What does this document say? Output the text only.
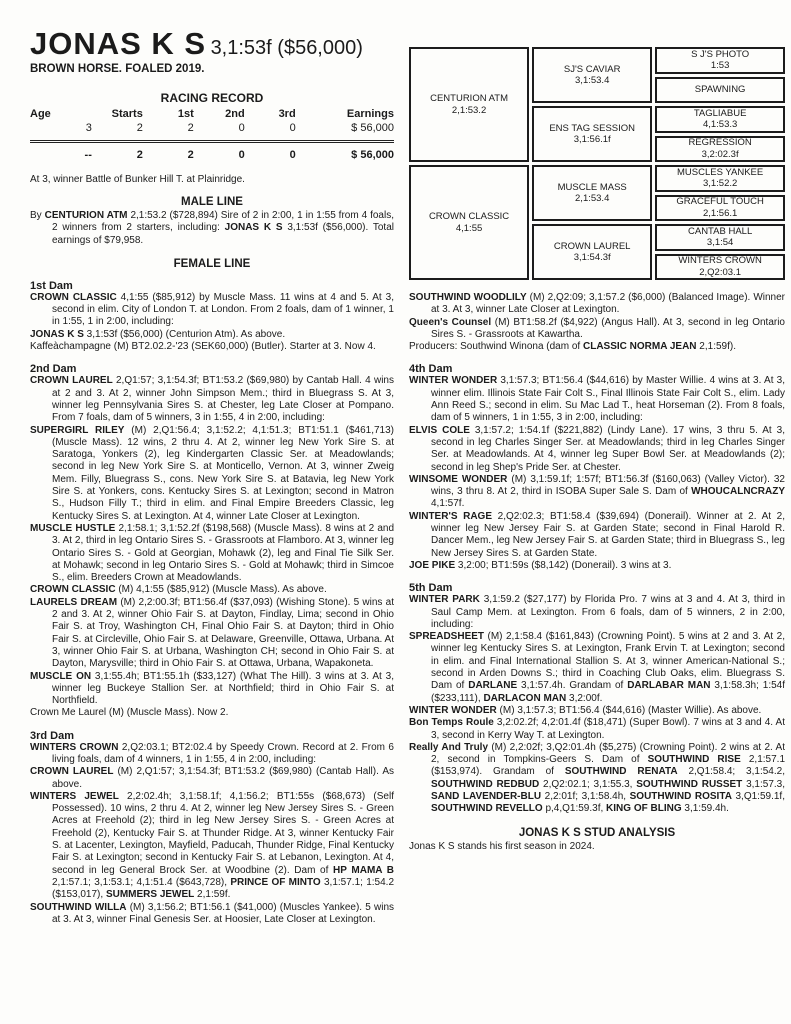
JONAS K S 3,1:53f ($56,000)
BROWN HORSE. FOALED 2019.
RACING RECORD
Age	Starts	1st	2nd	3rd	Earnings
3	2	2	0	0	$ 56,000
--	2	2	0	0	$ 56,000
At 3, winner Battle of Bunker Hill T. at Plainridge.
MALE LINE

By CENTURION ATM 2,1:53.2 ($728,894) Sire of 2 in 2:00, 1 in 1:55 from 4 foals, 2 winners from 2 starters, including: JONAS K S 3,1:53f ($56,000). Total earnings of $79,958.

FEMALE LINE
1st Dam

CROWN CLASSIC 4,1:55 ($85,912) by Muscle Mass. 11 wins at 4 and 5. At 3, second in elim. City of London T. at London. From 2 foals, dam of 1 winner, 1 in 1:55, 1 in 2:00, including:

JONAS K S 3,1:53f ($56,000) (Centurion Atm). As above.

Kaffeàchampagne (M) BT2.02.2-'23 (SEK60,000) (Butler). Starter at 3. Now 4.

2nd Dam

CROWN LAUREL 2,Q1:57; 3,1:54.3f; BT1:53.2 ($69,980) by Cantab Hall. 4 wins at 2 and 3. At 2, winner John Simpson Mem.; third in Bluegrass S. At 3, winner leg Pennsylvania Sires S. at Chester, leg Late Closer at Pompano. From 7 foals, dam of 5 winners, 3 in 1:55, 4 in 2:00, including:

SUPERGIRL RILEY (M) 2,Q1:56.4; 3,1:52.2; 4,1:51.3; BT1:51.1 ($461,713) (Muscle Mass). 12 wins, 2 thru 4. At 2, winner leg New York Sire S. at Saratoga, Yonkers (2), leg Kindergarten Classic Ser. at Meadowlands; second in leg New York Sire S. at Monticello, Vernon. At 3, winner Zweig Mem. Filly, Bluegrass S., cons. New York Sire S. at Batavia, leg New York Sire S. at Yonkers, cons. Kentucky Sires S. at Lexington; second in Matron S., Hudson Filly T.; third in elim. and Final Empire Breeders Classic, leg Kentucky Sires S. at Lexington. At 4, winner Late Closer at Lexington.

MUSCLE HUSTLE 2,1:58.1; 3,1:52.2f ($198,568) (Muscle Mass). 8 wins at 2 and 3. At 2, third in leg Ontario Sires S. - Grassroots at Flamboro. At 3, winner leg Ontario Sires S. - Gold at Georgian, Mohawk (2), leg and Final Tie Silk Ser. at Mohawk; second in leg Ontario Sires S. - Gold at Mohawk; third in Simcoe S., elim. Breeders Crown at Meadowlands.

CROWN CLASSIC (M) 4,1:55 ($85,912) (Muscle Mass). As above.

LAURELS DREAM (M) 2,2:00.3f; BT1:56.4f ($37,093) (Wishing Stone). 5 wins at 2 and 3. At 2, winner Ohio Fair S. at Dayton, Findlay, Lima; second in Ohio Fair S. at Troy, Washington CH, Final Ohio Fair S. at Dayton; third in Ohio Fair S. at Circleville, Ohio Fair S. at Delaware, Greenville, Ottawa, Urbana. At 3, winner Ohio Fair S. at Urbana, Washington CH; second in Ohio Fair S. at Dayton, Marysville; third in Ohio Fair S. at Ottawa, Urbana, Wapakoneta.

MUSCLE ON 3,1:55.4h; BT1:55.1h ($33,127) (What The Hill). 3 wins at 3. At 3, winner leg Buckeye Stallion Ser. at Northfield; third in Ohio Fair S. at Northfield.

Crown Me Laurel (M) (Muscle Mass). Now 2.

3rd Dam

WINTERS CROWN 2,Q2:03.1; BT2:02.4 by Speedy Crown. Record at 2. From 6 living foals, dam of 4 winners, 1 in 1:55, 4 in 2:00, including:

CROWN LAUREL (M) 2,Q1:57; 3,1:54.3f; BT1:53.2 ($69,980) (Cantab Hall). As above.

WINTERS JEWEL 2,2:02.4h; 3,1:58.1f; 4,1:56.2; BT1:55s ($68,673) (Self Possessed). 10 wins, 2 thru 4. At 2, winner leg New Jersey Sires S. - Green Acres at Freehold (2); third in leg New Jersey Sires S. - Green Acres at Freehold (2), Kentucky Fair S. at Thunder Ridge. At 3, winner Kentucky Fair S. at Lacenter, Lexington, Mayfield, Paducah, Thunder Ridge, Final Kentucky Fair S. at Lexington; second in Kentucky Fair S. at Lebanon, Lexington. At 4, second in leg General Brock Ser. at Woodbine (2). Dam of HP MAMA B 2,1:57.1; 3,1:53.1; 4,1:51.4 ($643,728), PRINCE OF MINTO 3,1:57.1; 1:54.2 ($153,017), SUMMERS JEWEL 2,1:59f.

SOUTHWIND WILLA (M) 3,1:56.2; BT1:56.1 ($41,000) (Muscles Yankee). 5 wins at 3. At 3, winner Final Genesis Ser. at Hoosier, Late Closer at Lexington.

CENTURION ATM
2,1:53.2
CROWN CLASSIC
4,1:55
SJ'S CAVIAR
3,1:53.4
ENS TAG SESSION
3,1:56.1f
MUSCLE MASS
2,1:53.4
CROWN LAUREL
3,1:54.3f
S J'S PHOTO
1:53
SPAWNING
TAGLIABUE
4,1:53.3
REGRESSION
3,2:02.3f
MUSCLES YANKEE
3,1:52.2
GRACEFUL TOUCH
2,1:56.1
CANTAB HALL
3,1:54
WINTERS CROWN
2,Q2:03.1

SOUTHWIND WOODLILY (M) 2,Q2:09; 3,1:57.2 ($6,000) (Balanced Image). Winner at 3. At 3, winner Late Closer at Lexington.

Queen's Counsel (M) BT1:58.2f ($4,922) (Angus Hall). At 3, second in leg Ontario Sires S. - Grassroots at Kawartha.

Producers: Southwind Winona (dam of CLASSIC NORMA JEAN 2,1:59f).

4th Dam

WINTER WONDER 3,1:57.3; BT1:56.4 ($44,616) by Master Willie. 4 wins at 3. At 3, winner elim. Illinois State Fair Colt S., Final Illinois State Fair Colt S., elim. Lady Ann Reed S.; second in elim. Su Mac Lad T., heat Horseman (2). From 8 foals, dam of 5 winners, 1 in 1:55, 3 in 2:00, including:

ELVIS COLE 3,1:57.2; 1:54.1f ($221,882) (Lindy Lane). 17 wins, 3 thru 5. At 3, second in leg Charles Singer Ser. at Meadowlands; third in leg Charles Singer Ser. at Meadowlands. At 4, winner leg Super Bowl Ser. at Meadowlands (2); second in leg Shep's Pride Ser. at Chester.

WINSOME WONDER (M) 3,1:59.1f; 1:57f; BT1:56.3f ($160,063) (Valley Victor). 32 wins, 3 thru 8. At 2, third in ISOBA Super Sale S. Dam of WHOUCALNCRAZY 4,1:57f.

WINTER'S RAGE 2,Q2:02.3; BT1:58.4 ($39,694) (Donerail). Winner at 2. At 2, winner leg New Jersey Fair S. at Garden State; second in Final Harold R. Dancer Mem., leg New Jersey Fair S. at Garden State; third in Bluegrass S., leg New Jersey Sires S. at Garden State.

JOE PIKE 3,2:00; BT1:59s ($8,142) (Donerail). 3 wins at 3.

5th Dam

WINTER PARK 3,1:59.2 ($27,177) by Florida Pro. 7 wins at 3 and 4. At 3, third in Saul Camp Mem. at Lexington. From 6 foals, dam of 5 winners, 2 in 2:00, including:

SPREADSHEET (M) 2,1:58.4 ($161,843) (Crowning Point). 5 wins at 2 and 3. At 2, winner leg Kentucky Sires S. at Lexington, Frank Ervin T. at Lexington; second in elim. and Final International Stallion S. At 3, winner American-National S.; second in Arden Downs S.; third in Coaching Club Oaks, elim. Bluegrass S. Dam of DARLANE 3,1:57.4h. Grandam of DARLABAR MAN 3,1:58.3h; 1:54f ($233,111), DARLACON MAN 3,2:00f.

WINTER WONDER (M) 3,1:57.3; BT1:56.4 ($44,616) (Master Willie). As above.

Bon Temps Roule 3,2:02.2f; 4,2:01.4f ($18,471) (Super Bowl). 7 wins at 3 and 4. At 3, second in Kerry Way T. at Lexington.

Really And Truly (M) 2,2:02f; 3,Q2:01.4h ($5,275) (Crowning Point). 2 wins at 2. At 2, second in Tompkins-Geers S. Dam of SOUTHWIND RISE 2,1:57.1 ($153,974). Grandam of SOUTHWIND RENATA 2,Q1:58.4; 3,1:54.2, SOUTHWIND REDBUD 2,Q2:02.1; 3,1:55.3, SOUTHWIND RUSSET 3,1:57.3, SAND LAVENDER-BLU 2,2:01f; 3,1:58.4h, SOUTHWIND ROSITA 3,Q1:59.1f, SOUTHWIND REVELLO p,4,Q1:59.3f, KING OF BLING 3,1:59.4h.

JONAS K S STUD ANALYSIS

Jonas K S stands his first season in 2024.
